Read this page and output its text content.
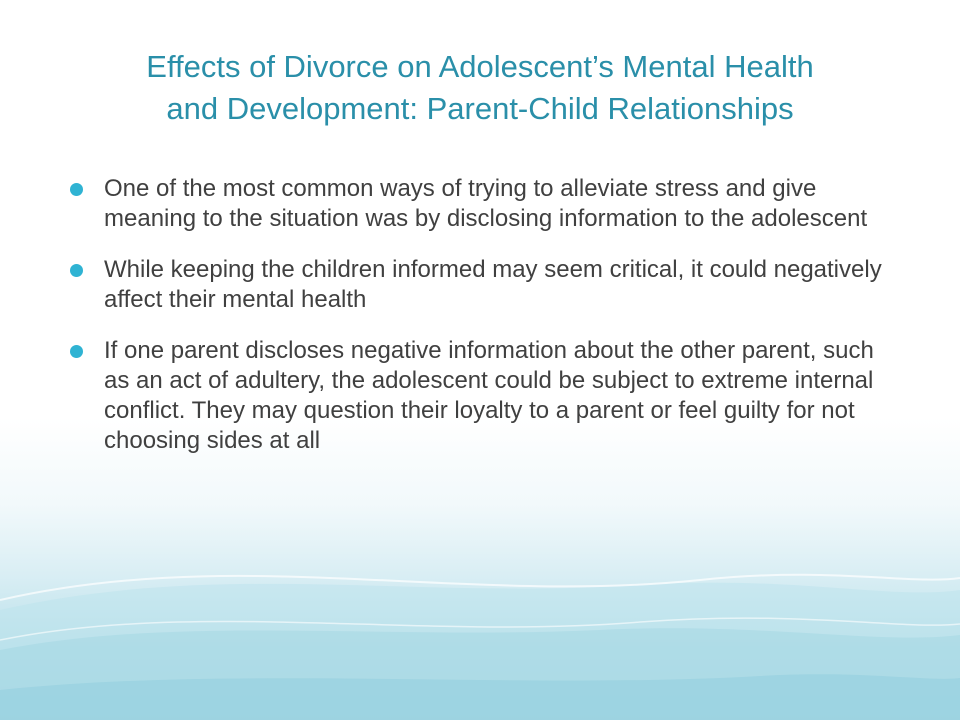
Effects of Divorce on Adolescent’s Mental Health
and Development: Parent-Child Relationships
One of the most common ways of trying to alleviate stress and give meaning to the situation was by disclosing information to the adolescent
While keeping the children informed may seem critical, it could negatively affect their mental health
If one parent discloses negative information about the other parent, such as an act of adultery, the adolescent could be subject to extreme internal conflict. They may question their loyalty to a parent or feel guilty for not choosing sides at all
